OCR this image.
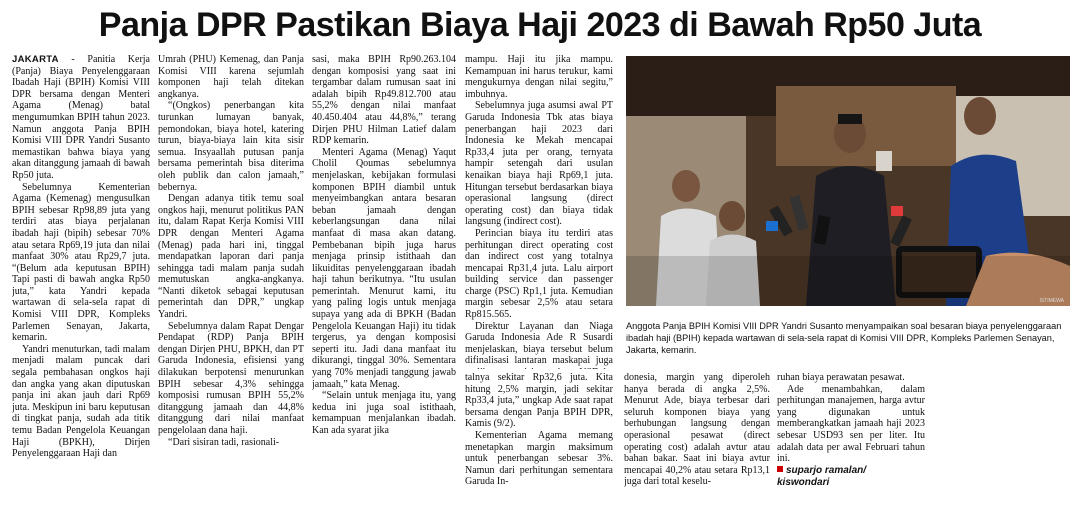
Panja DPR Pastikan Biaya Haji 2023 di Bawah Rp50 Juta

JAKARTA - Panitia Kerja (Panja) Biaya Penyelenggaraan Ibadah Haji (BPIH) Komisi VIII DPR bersama dengan Menteri Agama (Menag) batal mengumumkan BPIH tahun 2023. Namun anggota Panja BPIH Komisi VIII DPR Yandri Susanto memastikan bahwa biaya yang akan ditanggung jamaah di bawah Rp50 juta.

Sebelumnya Kementerian Agama (Kemenag) mengusulkan BPIH sebesar Rp98,89 juta yang terdiri atas biaya perjalanan ibadah haji (bipih) sebesar 70% atau setara Rp69,19 juta dan nilai manfaat 30% atau Rp29,7 juta. “(Belum ada keputusan BPIH) Tapi pasti di bawah angka Rp50 juta,” kata Yandri kepada wartawan di sela-sela rapat di Komisi VIII DPR, Kompleks Parlemen Senayan, Jakarta, kemarin.

Yandri menuturkan, tadi malam menjadi malam puncak dari segala pembahasan ongkos haji dan angka yang akan diputuskan panja ini akan jauh dari Rp69 juta. Meskipun ini baru keputusan di tingkat panja, sudah ada titik temu Badan Pengelola Keuangan Haji (BPKH), Dirjen Penyelenggaraan Haji dan

Umrah (PHU) Kemenag, dan Panja Komisi VIII karena sejumlah komponen haji telah ditekan angkanya.

“(Ongkos) penerbangan kita turunkan lumayan banyak, pemondokan, biaya hotel, katering turun, biaya-biaya lain kita sisir semua. Insyaallah putusan panja bersama pemerintah bisa diterima oleh publik dan calon jamaah,” bebernya.

Dengan adanya titik temu soal ongkos haji, menurut politikus PAN itu, dalam Rapat Kerja Komisi VIII DPR dengan Menteri Agama (Menag) pada hari ini, tinggal mendapatkan laporan dari panja sehingga tadi malam panja sudah memutuskan angka-angkanya. “Nanti diketok sebagai keputusan pemerintah dan DPR,” ungkap Yandri.

Sebelumnya dalam Rapat Dengar Pendapat (RDP) Panja BPIH dengan Dirjen PHU, BPKH, dan PT Garuda Indonesia, efisiensi yang dilakukan berpotensi menurunkan BPIH sebesar 4,3% sehingga komposisi rumusan BPIH 55,2% ditanggung jamaah dan 44,8% ditanggung dari nilai manfaat pengelolaan dana haji.

“Dari sisiran tadi, rasionali-

sasi, maka BPIH Rp90.263.104 dengan komposisi yang saat ini tergambar dalam rumusan saat ini adalah bipih Rp49.812.700 atau 55,2% dengan nilai manfaat 40.450.404 atau 44,8%,” terang Dirjen PHU Hilman Latief dalam RDP kemarin.

Menteri Agama (Menag) Yaqut Cholil Qoumas sebelumnya menjelaskan, kebijakan formulasi komponen BPIH diambil untuk menyeimbangkan antara besaran beban jamaah dengan keberlangsungan dana nilai manfaat di masa akan datang. Pembebanan bipih juga harus menjaga prinsip istithaah dan likuiditas penyelenggaraan ibadah haji tahun berikutnya. “Itu usulan pemerintah. Menurut kami, itu yang paling logis untuk menjaga supaya yang ada di BPKH (Badan Pengelola Keuangan Haji) itu tidak tergerus, ya dengan komposisi seperti itu. Jadi dana manfaat itu dikurangi, tinggal 30%. Sementara yang 70% menjadi tanggung jawab jamaah,” kata Menag.

“Selain untuk menjaga itu, yang kedua ini juga soal istithaah, kemampuan menjalankan ibadah. Kan ada syarat jika

mampu. Haji itu jika mampu. Kemampuan ini harus terukur, kami mengukurnya dengan nilai segitu,” imbuhnya.

Sebelumnya juga asumsi awal PT Garuda Indonesia Tbk atas biaya penerbangan haji 2023 dari Indonesia ke Mekah mencapai Rp33,4 juta per orang, ternyata hampir setengah dari usulan kenaikan biaya haji Rp69,1 juta. Hitungan tersebut berdasarkan biaya operasional langsung (direct operating cost) dan biaya tidak langsung (indirect cost).

Perincian biaya itu terdiri atas perhitungan direct operating cost dan indirect cost yang totalnya mencapai Rp31,4 juta. Lalu airport building service dan passenger charge (PSC) Rp1,1 juta. Kemudian margin sebesar 2,5% atau setara Rp815.565.

Direktur Layanan dan Niaga Garuda Indonesia Ade R Susardi menjelaskan, biaya tersebut belum difinalisasi lantaran maskapai juga

ISTIMEWA
Anggota Panja BPIH Komisi VIII DPR Yandri Susanto menyampaikan soal besaran biaya penyelenggaraan ibadah haji (BPIH) kepada wartawan di sela-sela rapat di Komisi VIII DPR, Kompleks Parlemen Senayan, Jakarta, kemarin.

talnya sekitar Rp32,6 juta. Kita hitung 2,5% margin, jadi sekitar Rp33,4 juta,” ungkap Ade saat rapat bersama dengan Panja BPIH DPR, Kamis (9/2).

Kementerian Agama memang menetapkan margin maksimum untuk penerbangan sebesar 3%. Namun dari perhitungan sementara Garuda In-

donesia, margin yang diperoleh hanya berada di angka 2,5%. Menurut Ade, biaya terbesar dari seluruh komponen biaya yang berhubungan langsung dengan operasional pesawat (direct operating cost) adalah avtur atau bahan bakar. Saat ini biaya avtur mencapai 40,2% atau setara Rp13,1 juga dari total keselu-

ruhan biaya perawatan pesawat.

Ade menambahkan, dalam perhitungan manajemen, harga avtur yang digunakan untuk memberangkatkan jamaah haji 2023 sebesar USD93 sen per liter. Itu adalah data per awal Februari tahun ini.

suparjo ramalan/
kiswondari
